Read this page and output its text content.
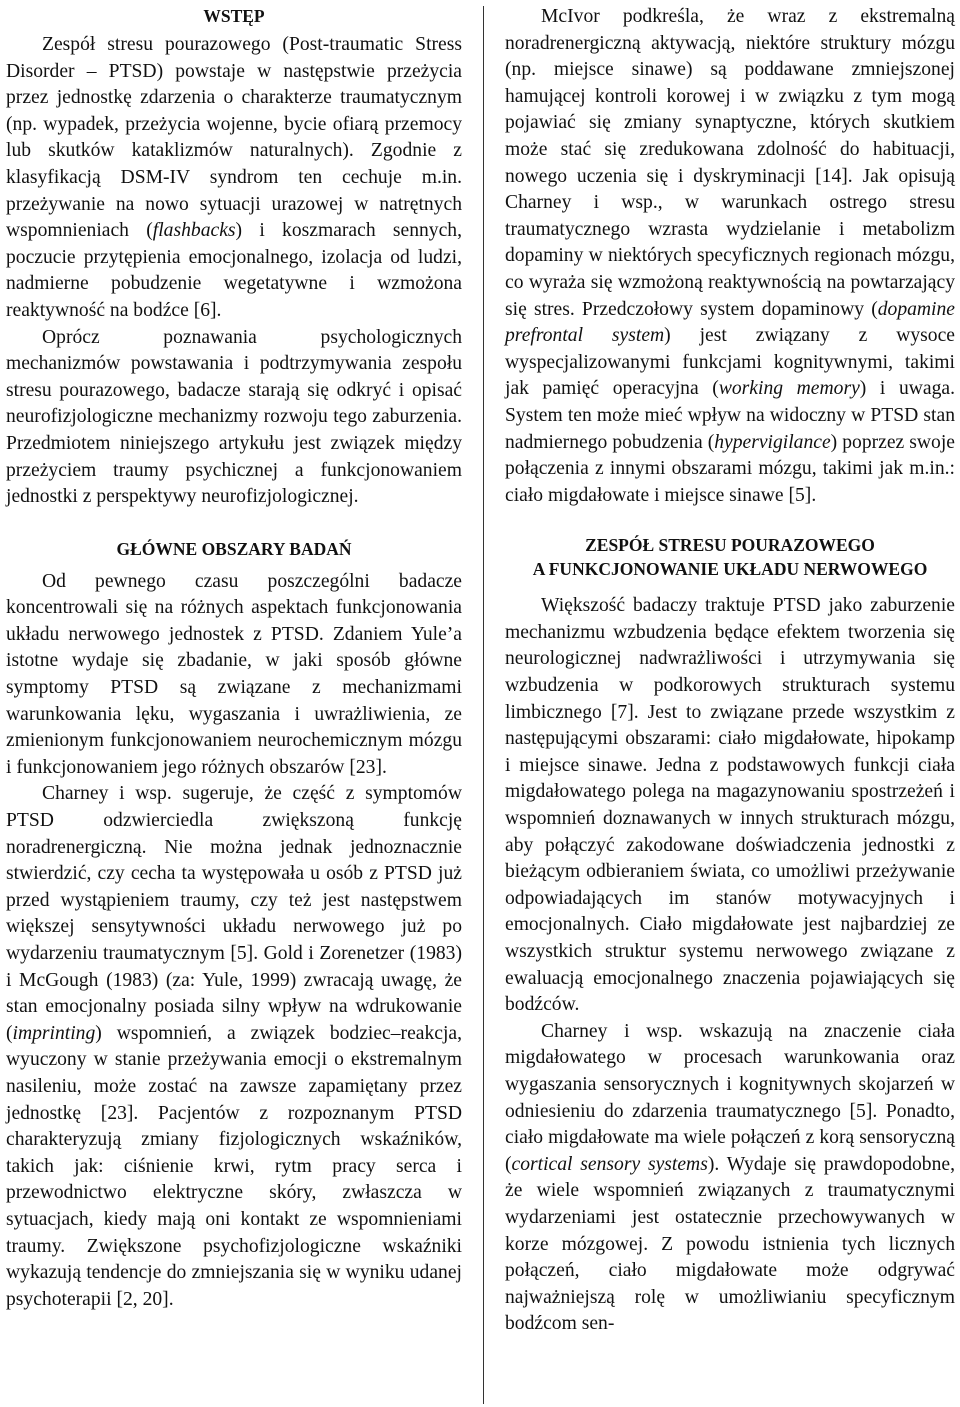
WSTĘP

Zespół stresu pourazowego (Post-traumatic Stress Disorder – PTSD) powstaje w następstwie przeżycia przez jednostkę zdarzenia o charakterze traumatycznym (np. wypadek, przeżycia wojenne, bycie ofiarą przemocy lub skutków kataklizmów naturalnych). Zgodnie z klasyfikacją DSM-IV syndrom ten cechuje m.in. przeżywanie na nowo sytuacji urazowej w natrętnych wspomnieniach (flashbacks) i koszmarach sennych, poczucie przytępienia emocjonalnego, izolacja od ludzi, nadmierne pobudzenie wegetatywne i wzmożona reaktywność na bodźce [6].

Oprócz poznawania psychologicznych mechanizmów powstawania i podtrzymywania zespołu stresu pourazowego, badacze starają się odkryć i opisać neurofizjologiczne mechanizmy rozwoju tego zaburzenia. Przedmiotem niniejszego artykułu jest związek między przeżyciem traumy psychicznej a funkcjonowaniem jednostki z perspektywy neurofizjologicznej.

GŁÓWNE OBSZARY BADAŃ

Od pewnego czasu poszczególni badacze koncentrowali się na różnych aspektach funkcjonowania układu nerwowego jednostek z PTSD. Zdaniem Yule’a istotne wydaje się zbadanie, w jaki sposób główne symptomy PTSD są związane z mechanizmami warunkowania lęku, wygaszania i uwrażliwienia, ze zmienionym funkcjonowaniem neurochemicznym mózgu i funkcjonowaniem jego różnych obszarów [23].

Charney i wsp. sugeruje, że część z symptomów PTSD odzwierciedla zwiększoną funkcję noradrenergiczną. Nie można jednak jednoznacznie stwierdzić, czy cecha ta występowała u osób z PTSD już przed wystąpieniem traumy, czy też jest następstwem większej sensytywności układu nerwowego już po wydarzeniu traumatycznym [5]. Gold i Zorenetzer (1983) i McGough (1983) (za: Yule, 1999) zwracają uwagę, że stan emocjonalny posiada silny wpływ na wdrukowanie (imprinting) wspomnień, a związek bodziec–reakcja, wyuczony w stanie przeżywania emocji o ekstremalnym nasileniu, może zostać na zawsze zapamiętany przez jednostkę [23]. Pacjentów z rozpoznanym PTSD charakteryzują zmiany fizjologicznych wskaźników, takich jak: ciśnienie krwi, rytm pracy serca i przewodnictwo elektryczne skóry, zwłaszcza w sytuacjach, kiedy mają oni kontakt ze wspomnieniami traumy. Zwiększone psychofizjologiczne wskaźniki wykazują tendencje do zmniejszania się w wyniku udanej psychoterapii [2, 20].

McIvor podkreśla, że wraz z ekstremalną noradrenergiczną aktywacją, niektóre struktury mózgu (np. miejsce sinawe) są poddawane zmniejszonej hamującej kontroli korowej i w związku z tym mogą pojawiać się zmiany synaptyczne, których skutkiem może stać się zredukowana zdolność do habituacji, nowego uczenia się i dyskryminacji [14]. Jak opisują Charney i wsp., w warunkach ostrego stresu traumatycznego wzrasta wydzielanie i metabolizm dopaminy w niektórych specyficznych regionach mózgu, co wyraża się wzmożoną reaktywnością na powtarzający się stres. Przedczołowy system dopaminowy (dopamine prefrontal system) jest związany z wysoce wyspecjalizowanymi funkcjami kognitywnymi, takimi jak pamięć operacyjna (working memory) i uwaga. System ten może mieć wpływ na widoczny w PTSD stan nadmiernego pobudzenia (hypervigilance) poprzez swoje połączenia z innymi obszarami mózgu, takimi jak m.in.: ciało migdałowate i miejsce sinawe [5].

ZESPÓŁ STRESU POURAZOWEGO
A FUNKCJONOWANIE UKŁADU NERWOWEGO

Większość badaczy traktuje PTSD jako zaburzenie mechanizmu wzbudzenia będące efektem tworzenia się neurologicznej nadwrażliwości i utrzymywania się wzbudzenia w podkorowych strukturach systemu limbicznego [7]. Jest to związane przede wszystkim z następującymi obszarami: ciało migdałowate, hipokamp i miejsce sinawe. Jedna z podstawowych funkcji ciała migdałowatego polega na magazynowaniu spostrzeżeń i wspomnień doznawanych w innych strukturach mózgu, aby połączyć zakodowane doświadczenia jednostki z bieżącym odbieraniem świata, co umożliwi przeżywanie odpowiadających im stanów motywacyjnych i emocjonalnych. Ciało migdałowate jest najbardziej ze wszystkich struktur systemu nerwowego związane z ewaluacją emocjonalnego znaczenia pojawiających się bodźców.

Charney i wsp. wskazują na znaczenie ciała migdałowatego w procesach warunkowania oraz wygaszania sensorycznych i kognitywnych skojarzeń w odniesieniu do zdarzenia traumatycznego [5]. Ponadto, ciało migdałowate ma wiele połączeń z korą sensoryczną (cortical sensory systems). Wydaje się prawdopodobne, że wiele wspomnień związanych z traumatycznymi wydarzeniami jest ostatecznie przechowywanych w korze mózgowej. Z powodu istnienia tych licznych połączeń, ciało migdałowate może odgrywać najważniejszą rolę w umożliwianiu specyficznym bodźcom sen-
